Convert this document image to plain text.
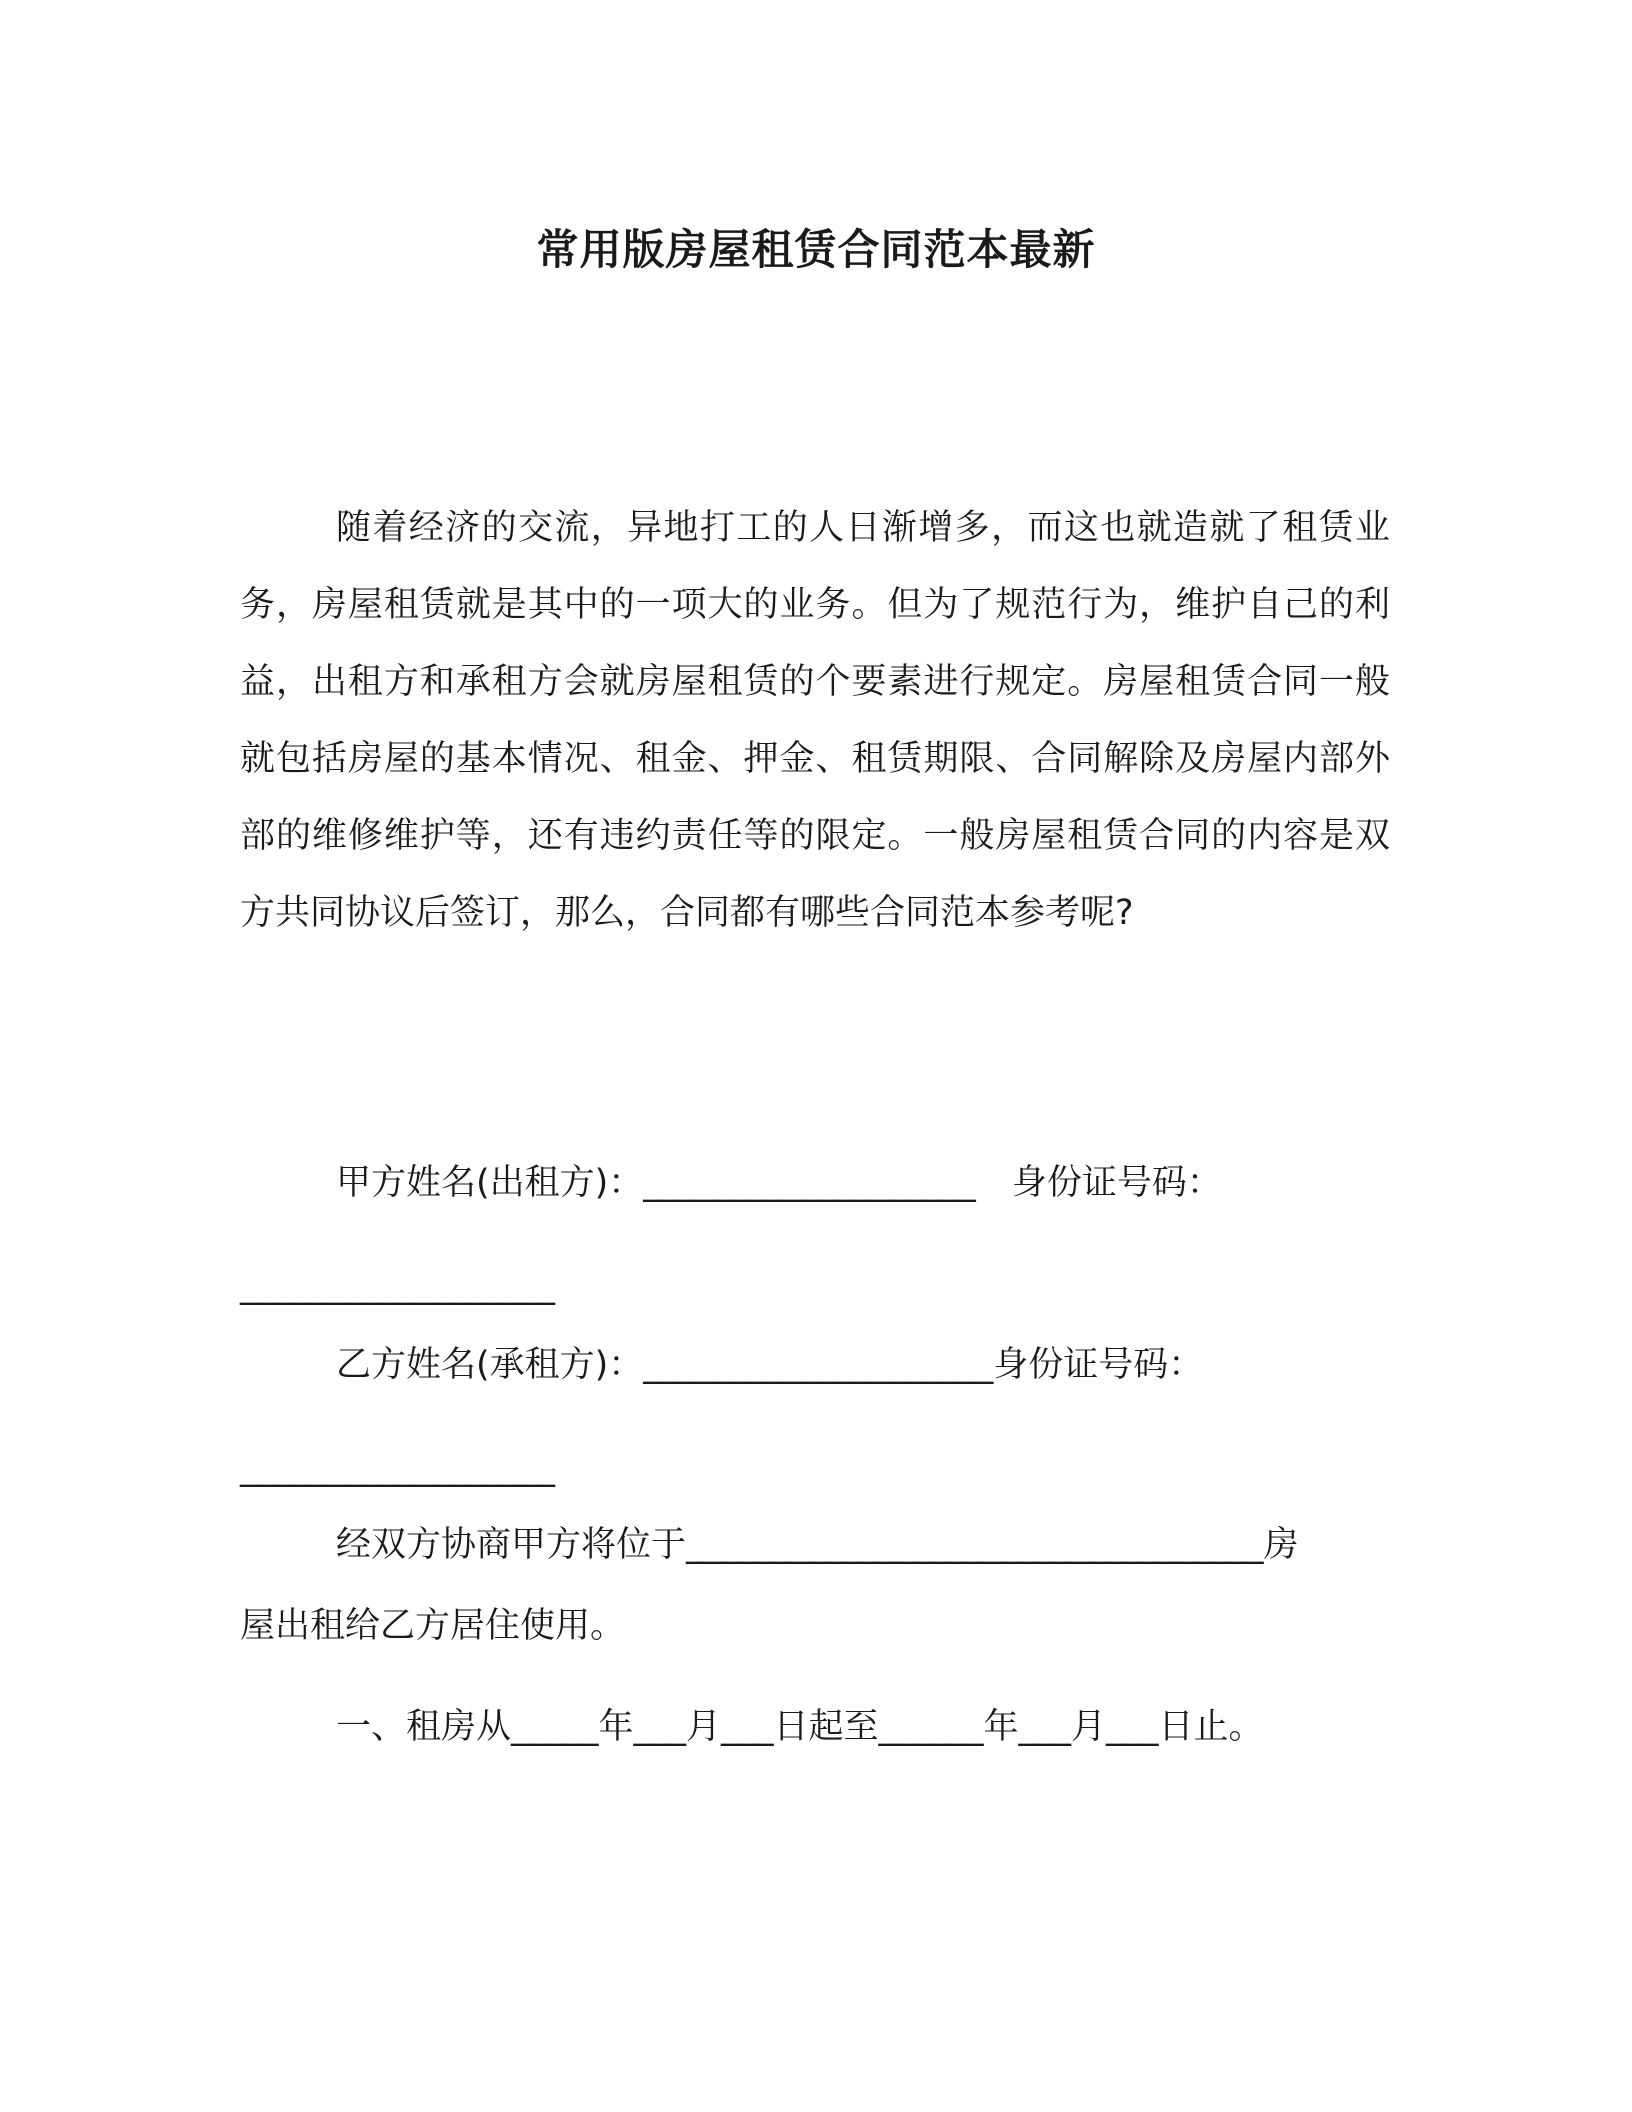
常用版房屋租赁合同范本最新

随着经济的交流，异地打工的人日渐增多，而这也就造就了租赁业务，房屋租赁就是其中的一项大的业务。但为了规范行为，维护自己的利益，出租方和承租方会就房屋租赁的个要素进行规定。房屋租赁合同一般就包括房屋的基本情况、租金、押金、租赁期限、合同解除及房屋内部外部的维修维护等，还有违约责任等的限定。一般房屋租赁合同的内容是双方共同协议后签订，那么，合同都有哪些合同范本参考呢?

甲方姓名(出租方)：___________________ 身份证号码：
__________________
乙方姓名(承租方)：____________________身份证号码：
__________________
经双方协商甲方将位于_________________________________房
屋出租给乙方居住使用。
一、租房从_____年___月___日起至______年___月___日止。
